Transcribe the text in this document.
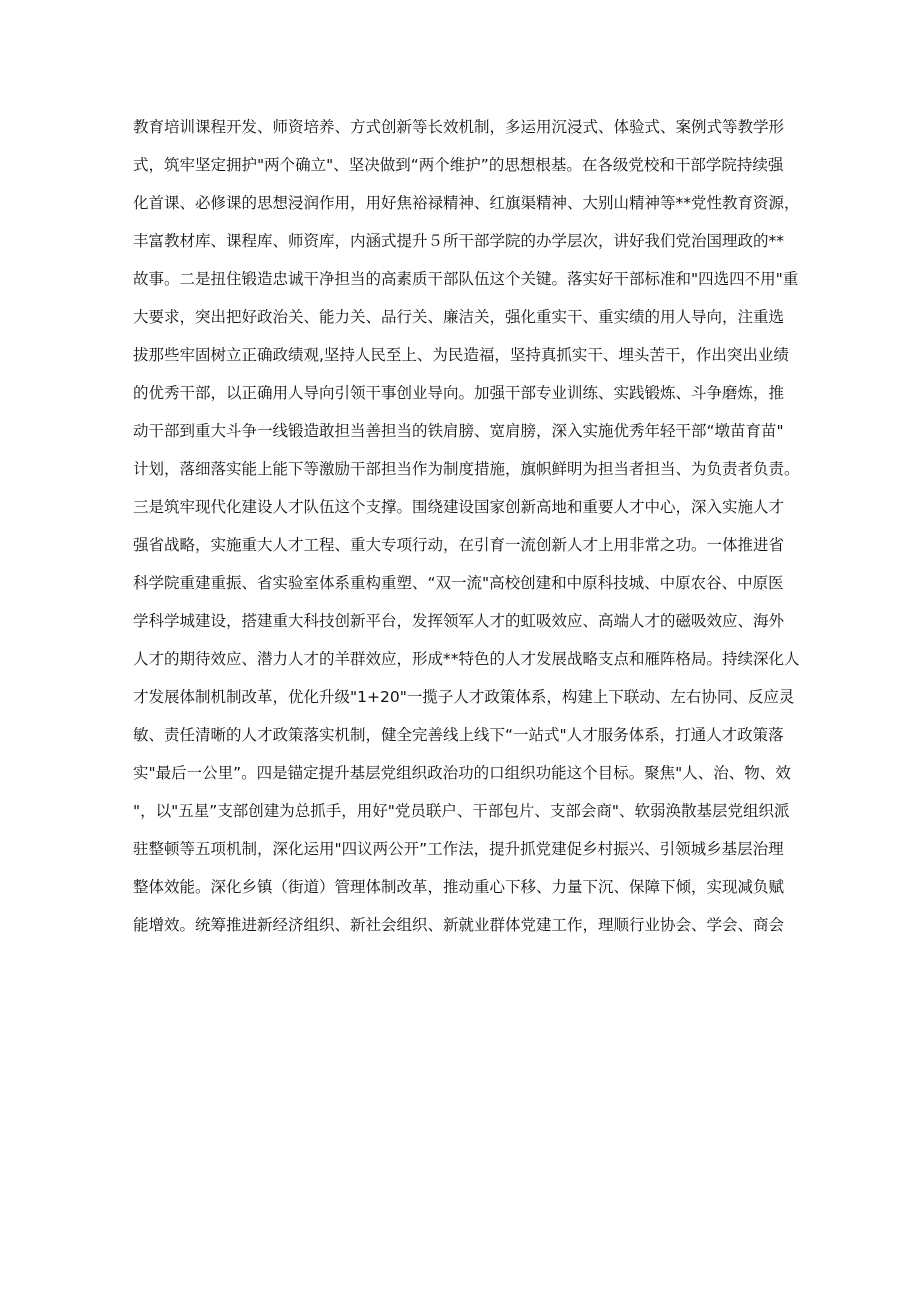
教育培训课程开发、师资培养、方式创新等长效机制，多运用沉浸式、体验式、案例式等教学形
式，筑牢坚定拥护"两个确立"、坚决做到“两个维护”的思想根基。在各级党校和干部学院持续强
化首课、必修课的思想浸润作用，用好焦裕禄精神、红旗渠精神、大别山精神等**党性教育资源，
丰富教材库、课程库、师资库，内涵式提升５所干部学院的办学层次，讲好我们党治国理政的**
故事。二是扭住锻造忠诚干净担当的高素质干部队伍这个关键。落实好干部标准和"四选四不用"重
大要求，突出把好政治关、能力关、品行关、廉洁关，强化重实干、重实绩的用人导向，注重选
拔那些牢固树立正确政绩观,坚持人民至上、为民造福，坚持真抓实干、埋头苦干，作出突出业绩
的优秀干部，以正确用人导向引领干事创业导向。加强干部专业训练、实践锻炼、斗争磨炼，推
动干部到重大斗争一线锻造敢担当善担当的铁肩膀、宽肩膀，深入实施优秀年轻干部“墩苗育苗"
计划，落细落实能上能下等激励干部担当作为制度措施，旗帜鲜明为担当者担当、为负责者负责。
三是筑牢现代化建设人才队伍这个支撑。围绕建设国家创新高地和重要人才中心，深入实施人才
强省战略，实施重大人才工程、重大专项行动，在引育一流创新人才上用非常之功。一体推进省
科学院重建重振、省实验室体系重构重塑、“双一流"高校创建和中原科技城、中原农谷、中原医
学科学城建设，搭建重大科技创新平台，发挥领军人才的虹吸效应、高端人才的磁吸效应、海外
人才的期待效应、潜力人才的羊群效应，形成**特色的人才发展战略支点和雁阵格局。持续深化人
才发展体制机制改革，优化升级"1+20"一揽子人才政策体系，构建上下联动、左右协同、反应灵
敏、责任清晰的人才政策落实机制，健全完善线上线下“一站式"人才服务体系，打通人才政策落
实"最后一公里”。四是锚定提升基层党组织政治功的口组织功能这个目标。聚焦"人、治、物、效
"，以"五星”支部创建为总抓手，用好"党员联户、干部包片、支部会商"、软弱涣散基层党组织派
驻整顿等五项机制，深化运用"四议两公开”工作法，提升抓党建促乡村振兴、引领城乡基层治理
整体效能。深化乡镇（街道）管理体制改革，推动重心下移、力量下沉、保障下倾，实现减负赋
能增效。统筹推进新经济组织、新社会组织、新就业群体党建工作，理顺行业协会、学会、商会
